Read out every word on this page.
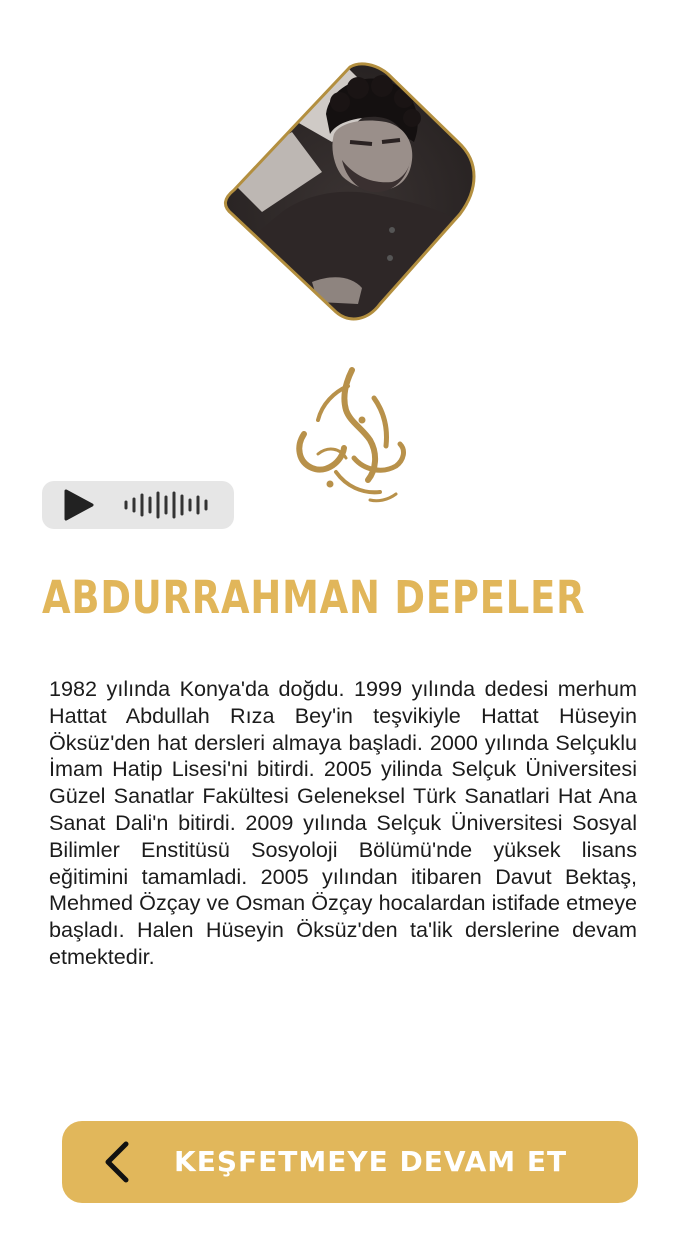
ABDURRAHMAN DEPELER

1982 yılında Konya'da doğdu. 1999 yılında dedesi merhum Hattat Abdullah Rıza Bey'in teşvikiyle Hattat Hüseyin Öksüz'den hat dersleri almaya başladi. 2000 yılında Selçuklu İmam Hatip Lisesi'ni bitirdi. 2005 yilinda Selçuk Üniversitesi Güzel Sanatlar Fakültesi Geleneksel Türk Sanatlari Hat Ana Sanat Dali'n bitirdi. 2009 yılında Selçuk Üniversitesi Sosyal Bilimler Enstitüsü Sosyoloji Bölümü'nde yüksek lisans eğitimini tamamladi. 2005 yılından itibaren Davut Bektaş, Mehmed Özçay ve Osman Özçay hocalardan istifade etmeye başladı. Halen Hüseyin Öksüz'den ta'lik derslerine devam etmektedir.

KEŞFETMEYE DEVAM ET
